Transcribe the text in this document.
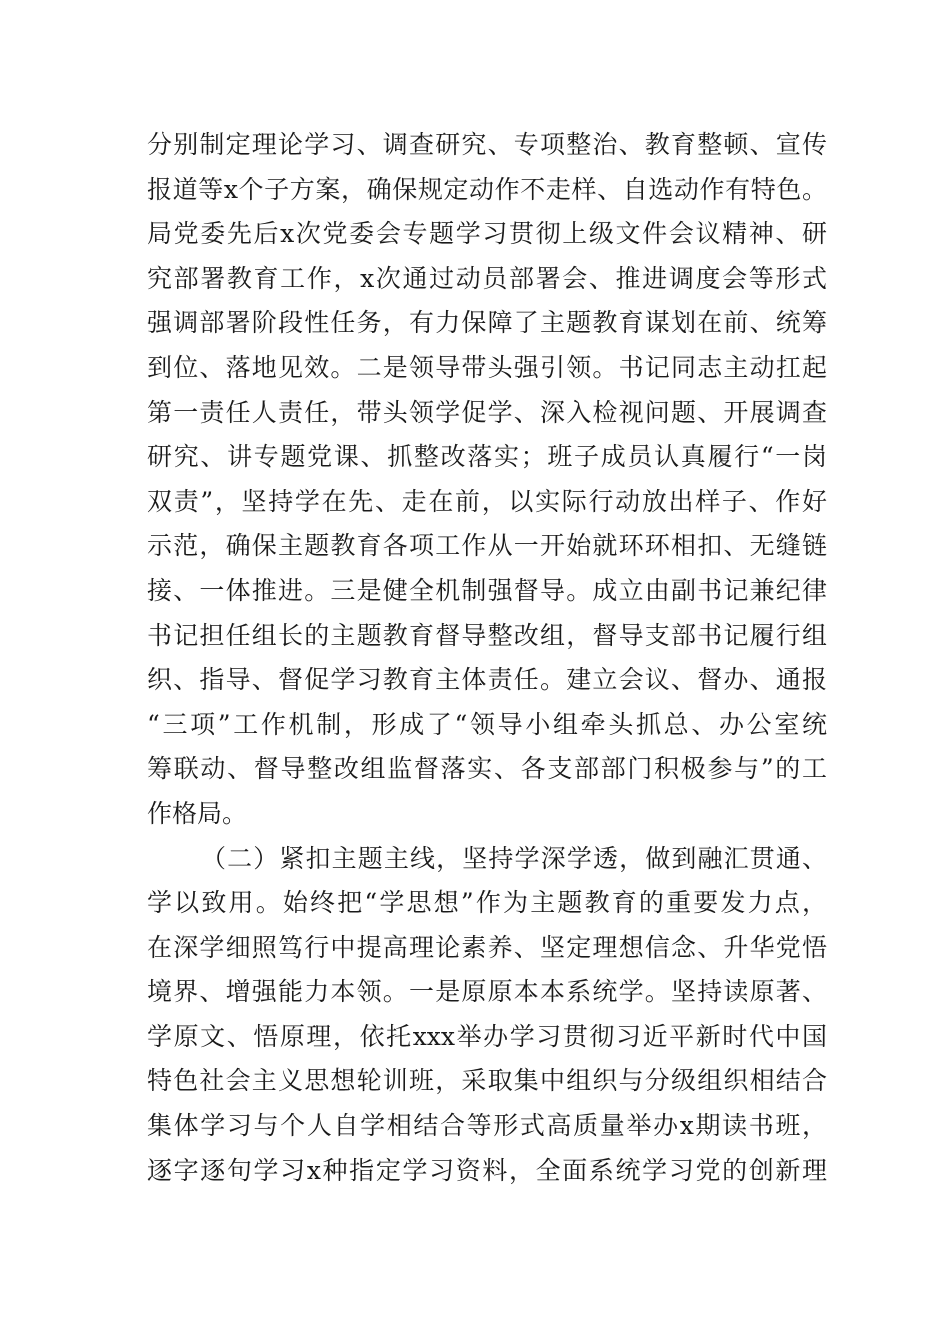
分别制定理论学习、调查研究、专项整治、教育整顿、宣传
报道等x个子方案，确保规定动作不走样、自选动作有特色。
局党委先后x次党委会专题学习贯彻上级文件会议精神、研
究部署教育工作，x次通过动员部署会、推进调度会等形式
强调部署阶段性任务，有力保障了主题教育谋划在前、统筹
到位、落地见效。二是领导带头强引领。书记同志主动扛起
第一责任人责任，带头领学促学、深入检视问题、开展调查
研究、讲专题党课、抓整改落实；班子成员认真履行“一岗
双责”，坚持学在先、走在前，以实际行动放出样子、作好
示范，确保主题教育各项工作从一开始就环环相扣、无缝链
接、一体推进。三是健全机制强督导。成立由副书记兼纪律
书记担任组长的主题教育督导整改组，督导支部书记履行组
织、指导、督促学习教育主体责任。建立会议、督办、通报
“三项”工作机制，形成了“领导小组牵头抓总、办公室统
筹联动、督导整改组监督落实、各支部部门积极参与”的工
作格局。
（二）紧扣主题主线，坚持学深学透，做到融汇贯通、
学以致用。始终把“学思想”作为主题教育的重要发力点，
在深学细照笃行中提高理论素养、坚定理想信念、升华党悟
境界、增强能力本领。一是原原本本系统学。坚持读原著、
学原文、悟原理，依托xxx举办学习贯彻习近平新时代中国
特色社会主义思想轮训班，采取集中组织与分级组织相结合
集体学习与个人自学相结合等形式高质量举办x期读书班，
逐字逐句学习x种指定学习资料，全面系统学习党的创新理
